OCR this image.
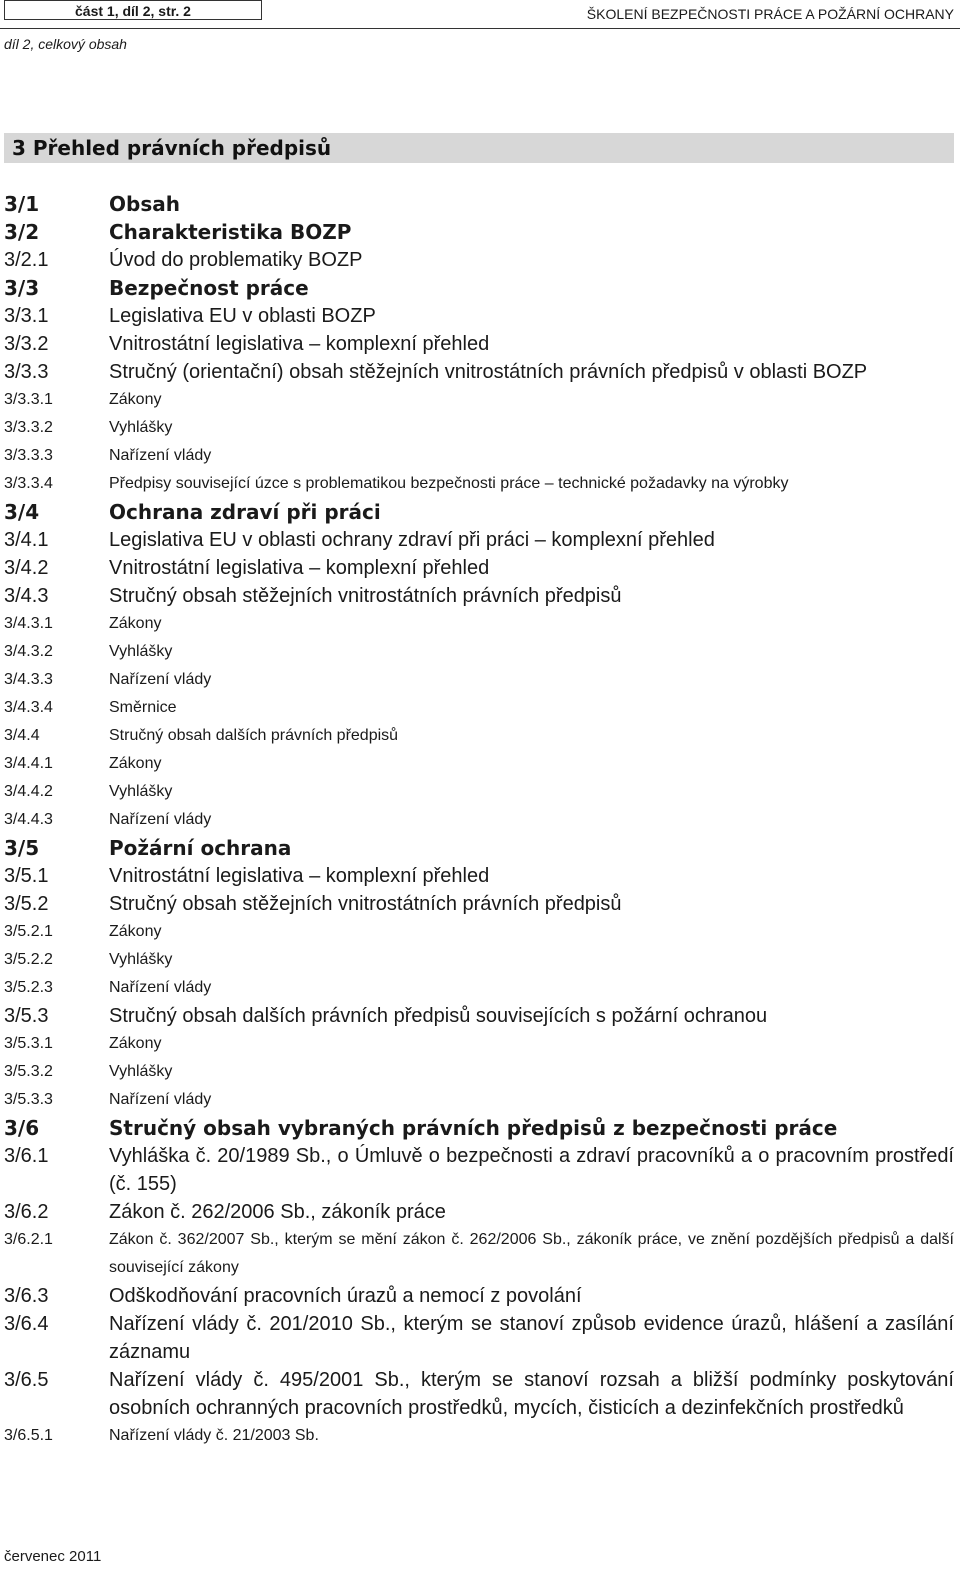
část 1, díl 2, str. 2	ŠKOLENÍ BEZPEČNOSTI PRÁCE A POŽÁRNÍ OCHRANY
díl 2, celkový obsah
3 Přehled právních předpisů
3/1	Obsah
3/2	Charakteristika BOZP
3/2.1	Úvod do problematiky BOZP
3/3	Bezpečnost práce
3/3.1	Legislativa EU v oblasti BOZP
3/3.2	Vnitrostátní legislativa – komplexní přehled
3/3.3	Stručný (orientační) obsah stěžejních vnitrostátních právních předpisů v oblasti BOZP
3/3.3.1	Zákony
3/3.3.2	Vyhlášky
3/3.3.3	Nařízení vlády
3/3.3.4	Předpisy související úzce s problematikou bezpečnosti práce – technické požadavky na výrobky
3/4	Ochrana zdraví při práci
3/4.1	Legislativa EU v oblasti ochrany zdraví při práci – komplexní přehled
3/4.2	Vnitrostátní legislativa – komplexní přehled
3/4.3	Stručný obsah stěžejních vnitrostátních právních předpisů
3/4.3.1	Zákony
3/4.3.2	Vyhlášky
3/4.3.3	Nařízení vlády
3/4.3.4	Směrnice
3/4.4	Stručný obsah dalších právních předpisů
3/4.4.1	Zákony
3/4.4.2	Vyhlášky
3/4.4.3	Nařízení vlády
3/5	Požární ochrana
3/5.1	Vnitrostátní legislativa – komplexní přehled
3/5.2	Stručný obsah stěžejních vnitrostátních právních předpisů
3/5.2.1	Zákony
3/5.2.2	Vyhlášky
3/5.2.3	Nařízení vlády
3/5.3	Stručný obsah dalších právních předpisů souvisejících s požární ochranou
3/5.3.1	Zákony
3/5.3.2	Vyhlášky
3/5.3.3	Nařízení vlády
3/6	Stručný obsah vybraných právních předpisů z bezpečnosti práce
3/6.1	Vyhláška č. 20/1989 Sb., o Úmluvě o bezpečnosti a zdraví pracovníků a o pracovním prostředí (č. 155)
3/6.2	Zákon č. 262/2006 Sb., zákoník práce
3/6.2.1	Zákon č. 362/2007 Sb., kterým se mění zákon č. 262/2006 Sb., zákoník práce, ve znění pozdějších předpisů a další související zákony
3/6.3	Odškodňování pracovních úrazů a nemocí z povolání
3/6.4	Nařízení vlády č. 201/2010 Sb., kterým se stanoví způsob evidence úrazů, hlášení a zasílání záznamu
3/6.5	Nařízení vlády č. 495/2001 Sb., kterým se stanoví rozsah a bližší podmínky poskytování osobních ochranných pracovních prostředků, mycích, čisticích a dezinfekčních prostředků
3/6.5.1	Nařízení vlády č. 21/2003 Sb.
červenec 2011
